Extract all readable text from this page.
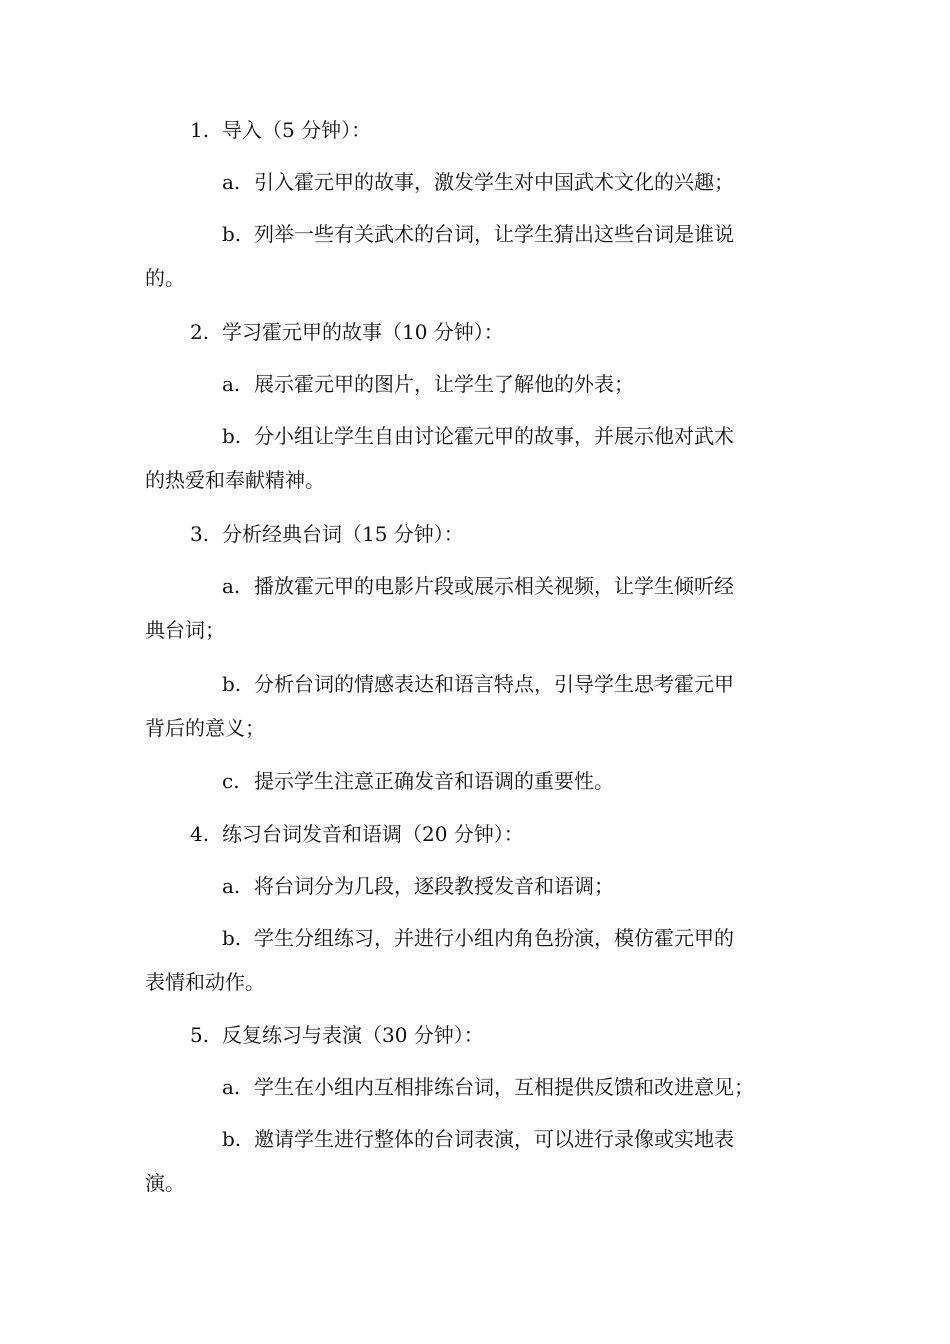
1. 导入（5 分钟）：
a. 引入霍元甲的故事，激发学生对中国武术文化的兴趣；
b. 列举一些有关武术的台词，让学生猜出这些台词是谁说
的。
2. 学习霍元甲的故事（10 分钟）：
a. 展示霍元甲的图片，让学生了解他的外表；
b. 分小组让学生自由讨论霍元甲的故事，并展示他对武术
的热爱和奉献精神。
3. 分析经典台词（15 分钟）：
a. 播放霍元甲的电影片段或展示相关视频，让学生倾听经
典台词；
b. 分析台词的情感表达和语言特点，引导学生思考霍元甲
背后的意义；
c. 提示学生注意正确发音和语调的重要性。
4. 练习台词发音和语调（20 分钟）：
a. 将台词分为几段，逐段教授发音和语调；
b. 学生分组练习，并进行小组内角色扮演，模仿霍元甲的
表情和动作。
5. 反复练习与表演（30 分钟）：
a. 学生在小组内互相排练台词，互相提供反馈和改进意见；
b. 邀请学生进行整体的台词表演，可以进行录像或实地表
演。
